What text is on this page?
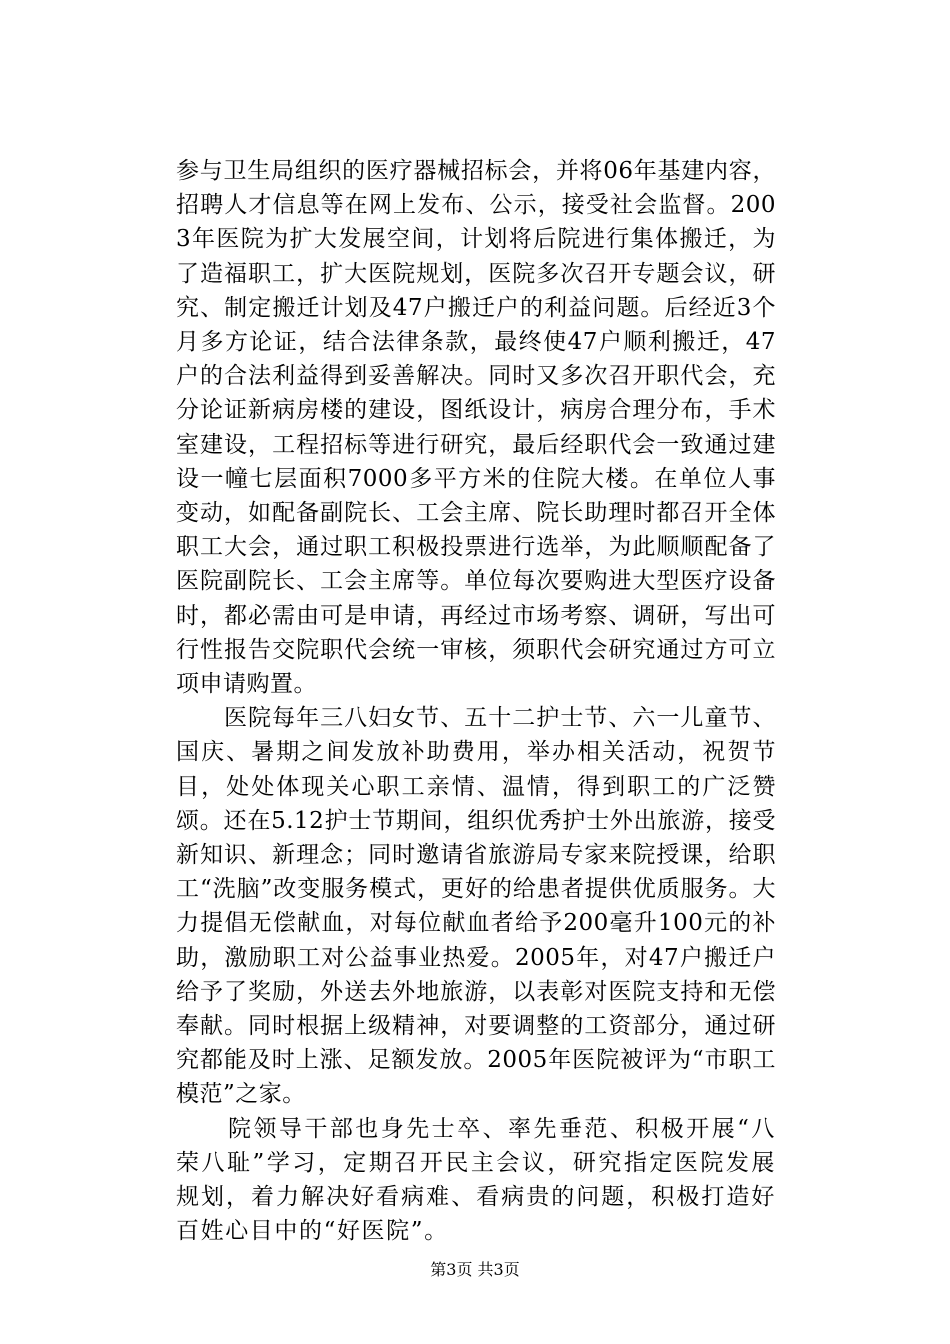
参与卫生局组织的医疗器械招标会，并将06年基建内容，招聘人才信息等在网上发布、公示，接受社会监督。2003年医院为扩大发展空间，计划将后院进行集体搬迁，为了造福职工，扩大医院规划，医院多次召开专题会议，研究、制定搬迁计划及47户搬迁户的利益问题。后经近3个月多方论证，结合法律条款，最终使47户顺利搬迁，47户的合法利益得到妥善解决。同时又多次召开职代会，充分论证新病房楼的建设，图纸设计，病房合理分布，手术室建设，工程招标等进行研究，最后经职代会一致通过建设一幢七层面积7000多平方米的住院大楼。在单位人事变动，如配备副院长、工会主席、院长助理时都召开全体职工大会，通过职工积极投票进行选举，为此顺顺配备了医院副院长、工会主席等。单位每次要购进大型医疗设备时，都必需由可是申请，再经过市场考察、调研，写出可行性报告交院职代会统一审核，须职代会研究通过方可立项申请购置。

医院每年三八妇女节、五十二护士节、六一儿童节、国庆、暑期之间发放补助费用，举办相关活动，祝贺节目，处处体现关心职工亲情、温情，得到职工的广泛赞颂。还在5.12护士节期间，组织优秀护士外出旅游，接受新知识、新理念；同时邀请省旅游局专家来院授课，给职工“洗脑”改变服务模式，更好的给患者提供优质服务。大力提倡无偿献血，对每位献血者给予200毫升100元的补助，激励职工对公益事业热爱。2005年，对47户搬迁户给予了奖励，外送去外地旅游，以表彰对医院支持和无偿奉献。同时根据上级精神，对要调整的工资部分，通过研究都能及时上涨、足额发放。2005年医院被评为“市职工模范”之家。

院领导干部也身先士卒、率先垂范、积极开展“八荣八耻”学习，定期召开民主会议，研究指定医院发展规划，着力解决好看病难、看病贵的问题，积极打造好百姓心目中的“好医院”。

第3页 共3页
